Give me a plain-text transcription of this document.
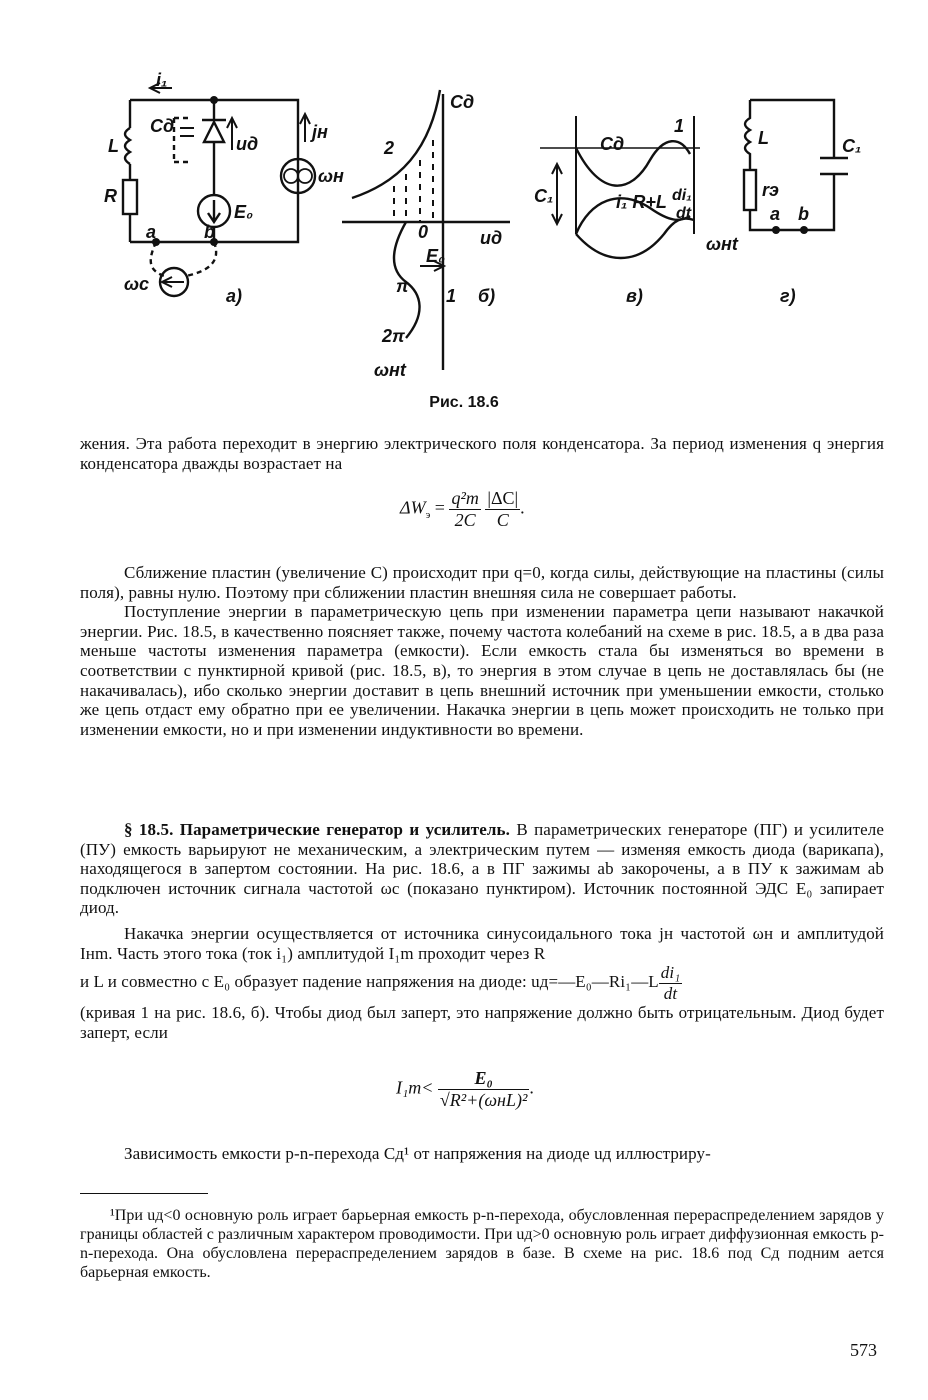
i₁
L
R
Cд
uд
jн
ωн
E₀
a	b
ωc
a)
Cд
2
0	uд
E₀
π 1 б)
2π
ωнt
Cд
1
C₁	i₁ R+L di₁
dt
ωнt
в)
L
rэ
C₁
a b
г)
Рис. 18.6

жения. Эта работа переходит в энергию электрического поля конденсатора. За период изменения q энергия конденсатора дважды возрастает на

$\Delta W_э = \frac{\text{q²m}}{2C}$
$\frac{|\Delta C|}{C}$ .

Сближение пластин (увеличение C) происходит при q=0, когда силы, действующие на пластины (силы поля), равны нулю. Поэтому при сближении пластин внешняя сила не совершает работы.

Поступление энергии в параметрическую цепь при изменении параметра цепи называют накачкой энергии. Рис. 18.5, в качественно поясняет также, почему частота колебаний на схеме в рис. 18.5, а в два раза меньше частоты изменения параметра (емкости). Если емкость стала бы изменяться во времени в соответствии с пунктирной кривой (рис. 18.5, в), то энергия в этом случае в цепь не доставлялась бы (не накачивалась), ибо сколько энергии доставит в цепь внешний источник при уменьшении емкости, столько же цепь отдаст ему обратно при ее увеличении. Накачка энергии в цепь может происходить не только при изменении емкости, но и при изменении индуктивности во времени.

§ 18.5. Параметрические генератор и усилитель. В параметрических генераторе (ПГ) и усилителе (ПУ) емкость варьируют не механическим, а электрическим путем — изменяя емкость диода (варикапа), находящегося в запертом состоянии. На рис. 18.6, а в ПГ зажимы ab закорочены, а в ПУ к зажимам ab подключен источник сигнала частотой ωс (показано пунктиром). Источник постоянной ЭДС E₀ запирает диод.

Накачка энергии осуществляется от источника синусоидального тока jн частотой ωн и амплитудой Iнm. Часть этого тока (ток i₁) амплитудой I₁m проходит через R

и L и совместно с E₀ образует падение напряжения на диоде: uд=—E₀—Ri₁—L $\frac{\text{di₁}}{dt}$

(кривая 1 на рис. 18.6, б). Чтобы диод был заперт, это напряжение должно быть отрицательным. Диод будет заперт, если

$I_1m< \frac{\text{E₀}}{\text{√R²+(ωнL)²}}$ .

Зависимость емкости p-n-перехода Cд¹ от напряжения на диоде uд иллюстриру-

¹При uд<0 основную роль играет барьерная емкость p-n-перехода, обусловленная перераспределением зарядов у границы областей с различным характером проводимости. При uд>0 основную роль играет диффузионная емкость p-n-перехода. Она обусловлена перераспределением зарядов в базе. В схеме на рис. 18.6 под Cд подним ается барьерная емкость.

573
